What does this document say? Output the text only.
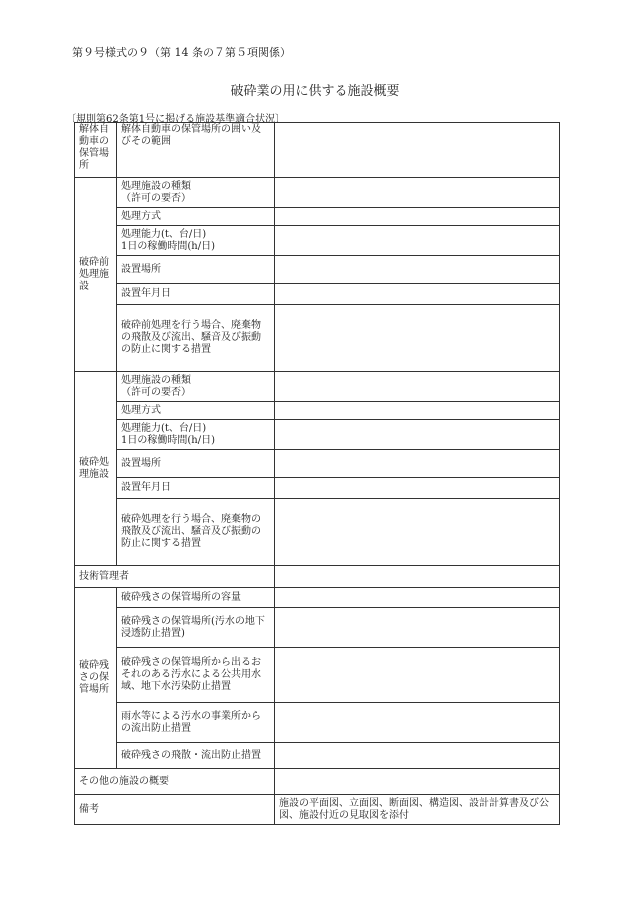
第９号様式の９（第 14 条の７第５項関係）
破砕業の用に供する施設概要
〔規則第62条第1号に掲げる施設基準適合状況〕
解体自動車の保管場所	解体自動車の保管場所の囲い及びその範囲	
破砕前処理施設	処理施設の種類
（許可の要否）	
	処理方式	
	処理能力(t、台/日)
1日の稼働時間(h/日)	
	設置場所	
	設置年月日	
	破砕前処理を行う場合、廃棄物の飛散及び流出、騒音及び振動の防止に関する措置	
破砕処理施設	処理施設の種類
（許可の要否）	
	処理方式	
	処理能力(t、台/日)
1日の稼働時間(h/日)	
	設置場所	
	設置年月日	
	破砕処理を行う場合、廃棄物の飛散及び流出、騒音及び振動の防止に関する措置	
技術管理者		
破砕残さの保管場所	破砕残さの保管場所の容量	
	破砕残さの保管場所(汚水の地下浸透防止措置)	
	破砕残さの保管場所から出るおそれのある汚水による公共用水域、地下水汚染防止措置	
	雨水等による汚水の事業所からの流出防止措置	
	破砕残さの飛散・流出防止措置	
その他の施設の概要		
備考		施設の平面図、立面図、断面図、構造図、設計計算書及び公図、施設付近の見取図を添付
